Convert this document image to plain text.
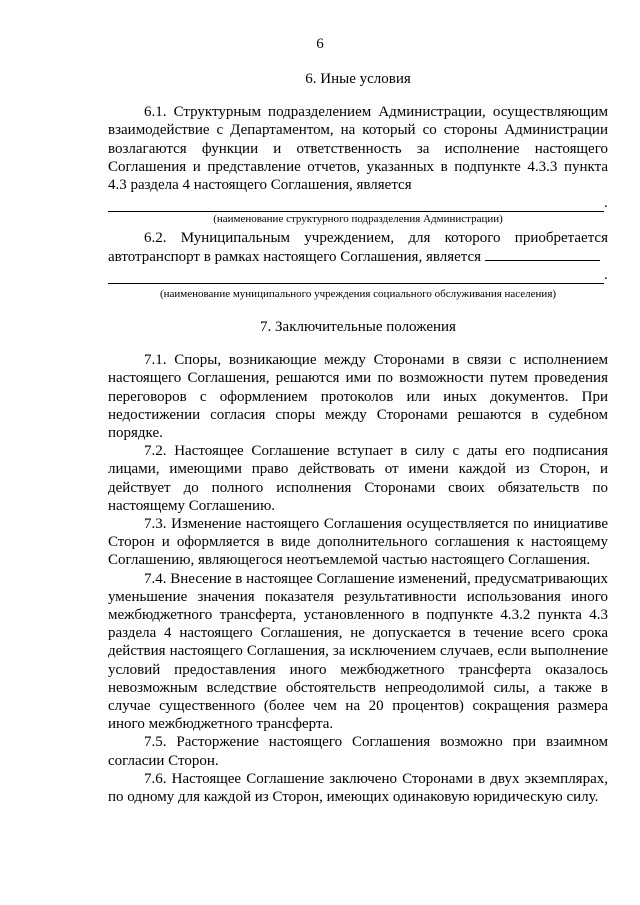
6
6. Иные условия

6.1. Структурным подразделением Администрации, осуществляющим взаимодействие с Департаментом, на который со стороны Администрации возлагаются функции и ответственность за исполнение настоящего Соглашения и представление отчетов, указанных в подпункте 4.3.3 пункта 4.3 раздела 4 настоящего Соглашения, является

.
(наименование структурного подразделения Администрации)

6.2. Муниципальным учреждением, для которого приобретается автотранспорт в рамках настоящего Соглашения, является

.
(наименование муниципального учреждения социального обслуживания населения)
7. Заключительные положения

7.1. Споры, возникающие между Сторонами в связи с исполнением настоящего Соглашения, решаются ими по возможности путем проведения переговоров с оформлением протоколов или иных документов. При недостижении согласия споры между Сторонами решаются в судебном порядке.

7.2. Настоящее Соглашение вступает в силу с даты его подписания лицами, имеющими право действовать от имени каждой из Сторон, и действует до полного исполнения Сторонами своих обязательств по настоящему Соглашению.

7.3. Изменение настоящего Соглашения осуществляется по инициативе Сторон и оформляется в виде дополнительного соглашения к настоящему Соглашению, являющегося неотъемлемой частью настоящего Соглашения.

7.4. Внесение в настоящее Соглашение изменений, предусматривающих уменьшение значения показателя результативности использования иного межбюджетного трансферта, установленного в подпункте 4.3.2 пункта 4.3 раздела 4 настоящего Соглашения, не допускается в течение всего срока действия настоящего Соглашения, за исключением случаев, если выполнение условий предоставления иного межбюджетного трансферта оказалось невозможным вследствие обстоятельств непреодолимой силы, а также в случае существенного (более чем на 20 процентов) сокращения размера иного межбюджетного трансферта.

7.5. Расторжение настоящего Соглашения возможно при взаимном согласии Сторон.

7.6. Настоящее Соглашение заключено Сторонами в двух экземплярах, по одному для каждой из Сторон, имеющих одинаковую юридическую силу.
